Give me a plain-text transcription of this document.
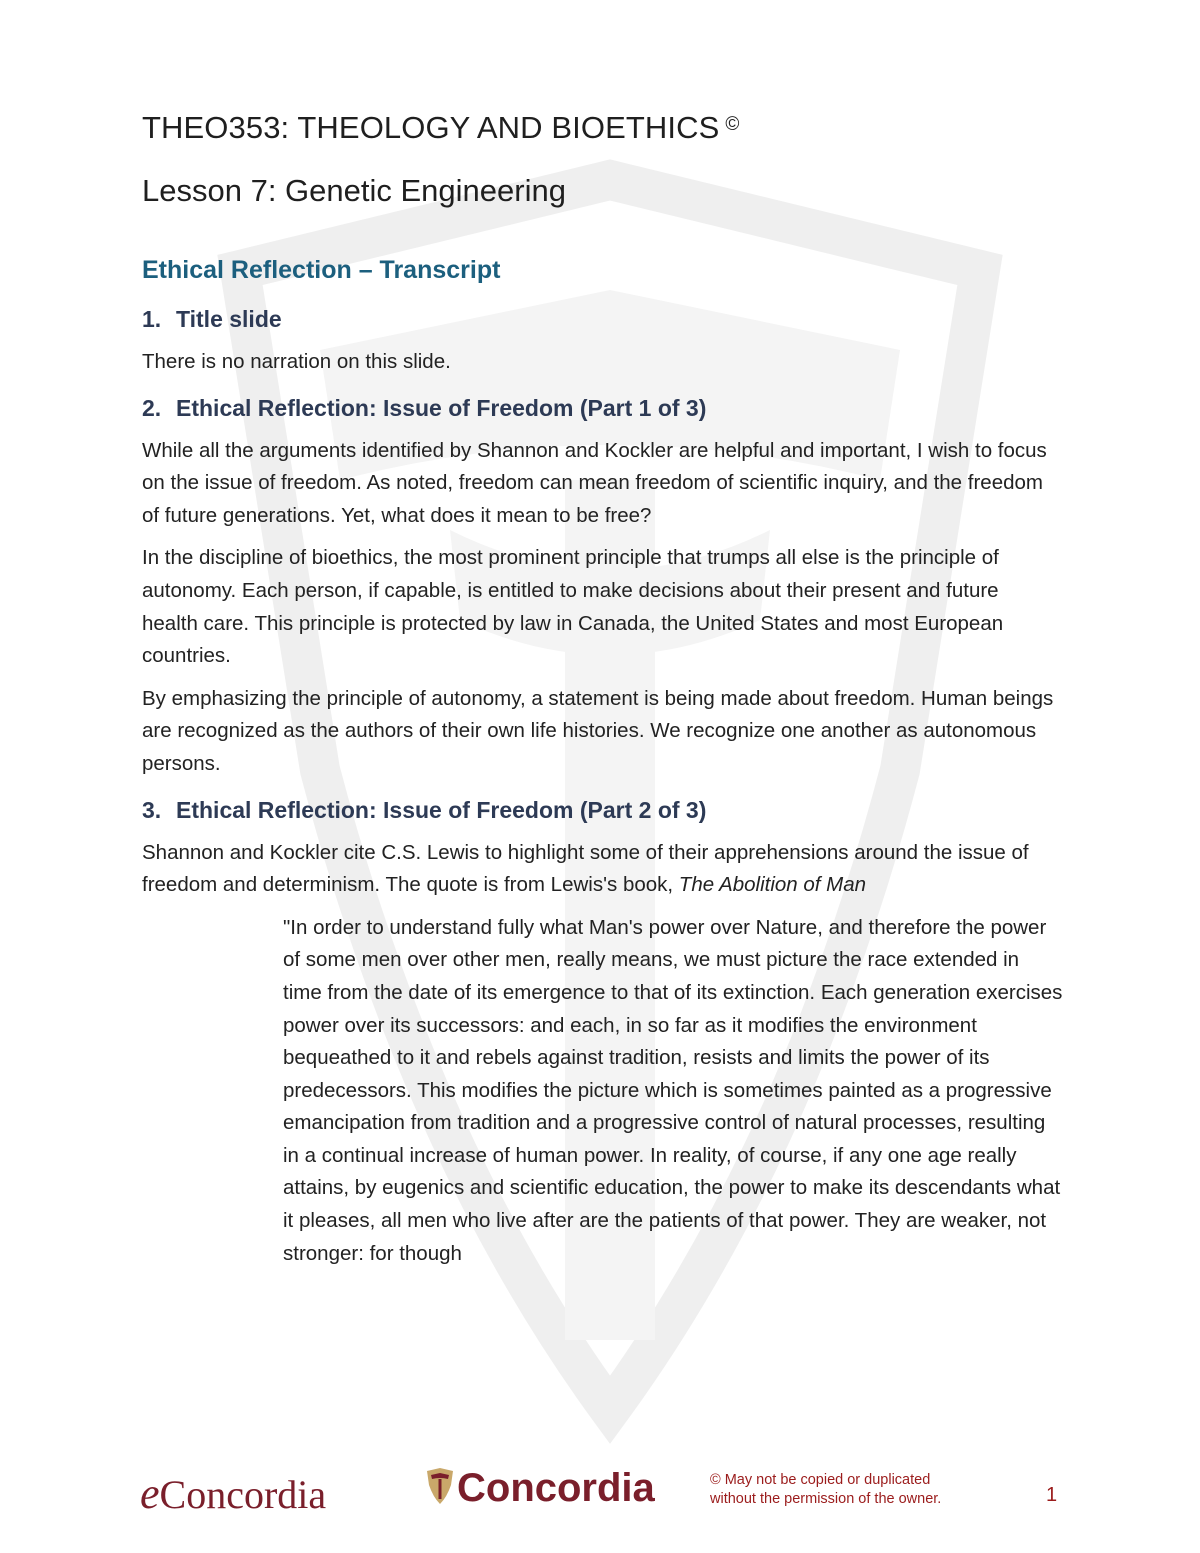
THEO353: THEOLOGY AND BIOETHICS ©
Lesson 7: Genetic Engineering
Ethical Reflection – Transcript
1. Title slide

There is no narration on this slide.

2. Ethical Reflection: Issue of Freedom (Part 1 of 3)

While all the arguments identified by Shannon and Kockler are helpful and important, I wish to focus on the issue of freedom. As noted, freedom can mean freedom of scientific inquiry, and the freedom of future generations. Yet, what does it mean to be free?

In the discipline of bioethics, the most prominent principle that trumps all else is the principle of autonomy. Each person, if capable, is entitled to make decisions about their present and future health care. This principle is protected by law in Canada, the United States and most European countries.

By emphasizing the principle of autonomy, a statement is being made about freedom. Human beings are recognized as the authors of their own life histories. We recognize one another as autonomous persons.

3. Ethical Reflection: Issue of Freedom (Part 2 of 3)

Shannon and Kockler cite C.S. Lewis to highlight some of their apprehensions around the issue of freedom and determinism. The quote is from Lewis's book, The Abolition of Man

"In order to understand fully what Man's power over Nature, and therefore the power of some men over other men, really means, we must picture the race extended in time from the date of its emergence to that of its extinction. Each generation exercises power over its successors: and each, in so far as it modifies the environment bequeathed to it and rebels against tradition, resists and limits the power of its predecessors. This modifies the picture which is sometimes painted as a progressive emancipation from tradition and a progressive control of natural processes, resulting in a continual increase of human power. In reality, of course, if any one age really attains, by eugenics and scientific education, the power to make its descendants what it pleases, all men who live after are the patients of that power. They are weaker, not stronger: for though

eConcordia	Concordia	© May not be copied or duplicated
without the permission of the owner.	1
